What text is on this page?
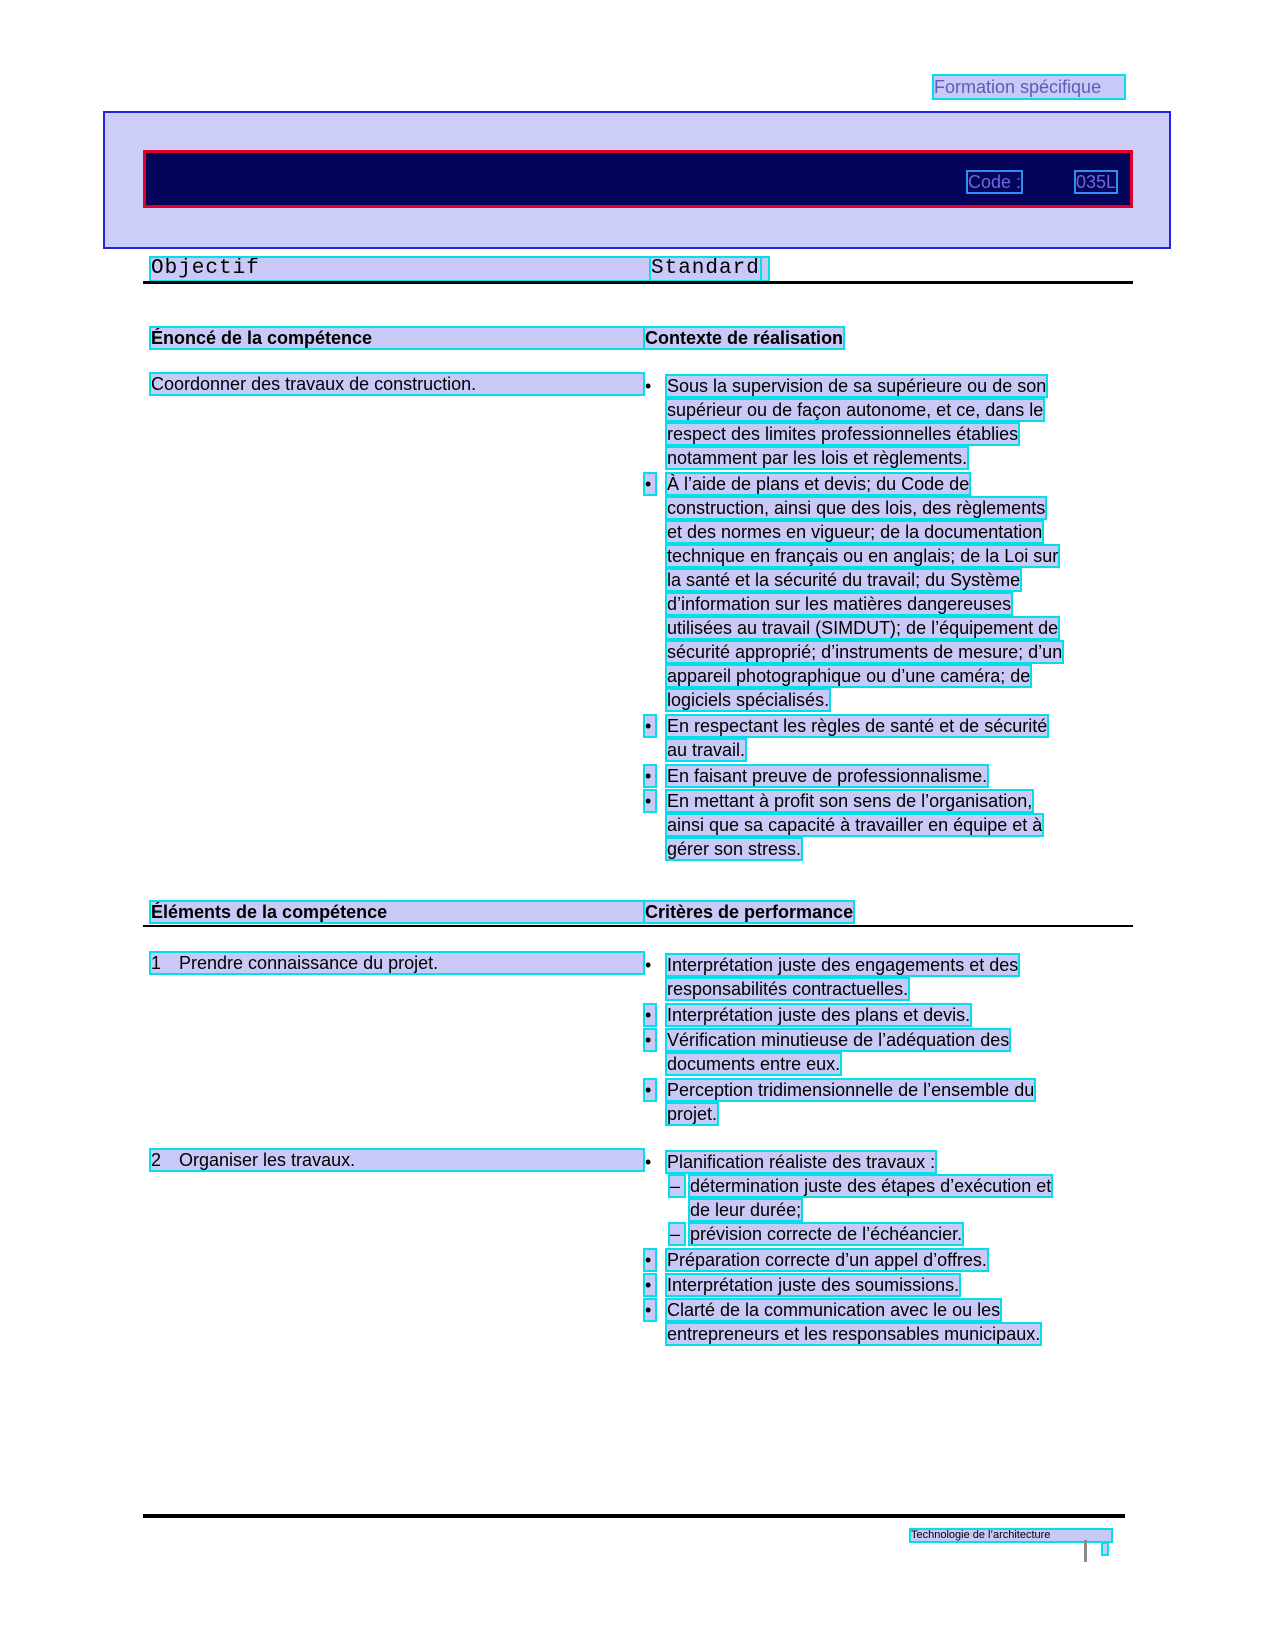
Formation spécifique
Code :	035L
Objectif	Standard
Énoncé de la compétence	Contexte de réalisation
Coordonner des travaux de construction.	• Sous la supervision de sa supérieure ou de son
supérieur ou de façon autonome, et ce, dans le
respect des limites professionnelles établies
notamment par les lois et règlements.
• À l’aide de plans et devis; du Code de
construction, ainsi que des lois, des règlements
et des normes en vigueur; de la documentation
technique en français ou en anglais; de la Loi sur
la santé et la sécurité du travail; du Système
d’information sur les matières dangereuses
utilisées au travail (SIMDUT); de l’équipement de
sécurité approprié; d’instruments de mesure; d’un
appareil photographique ou d’une caméra; de
logiciels spécialisés.
• En respectant les règles de santé et de sécurité
au travail.
• En faisant preuve de professionnalisme.
• En mettant à profit son sens de l’organisation,
ainsi que sa capacité à travailler en équipe et à
gérer son stress.
Éléments de la compétence	Critères de performance
1 Prendre connaissance du projet.	• Interprétation juste des engagements et des
responsabilités contractuelles.
• Interprétation juste des plans et devis.
• Vérification minutieuse de l’adéquation des
documents entre eux.
• Perception tridimensionnelle de l’ensemble du
projet.
2 Organiser les travaux.	• Planification réaliste des travaux :
– détermination juste des étapes d’exécution et
de leur durée;
– prévision correcte de l’échéancier.
• Préparation correcte d’un appel d’offres.
• Interprétation juste des soumissions.
• Clarté de la communication avec le ou les
entrepreneurs et les responsables municipaux.
Technologie de l’architecture
